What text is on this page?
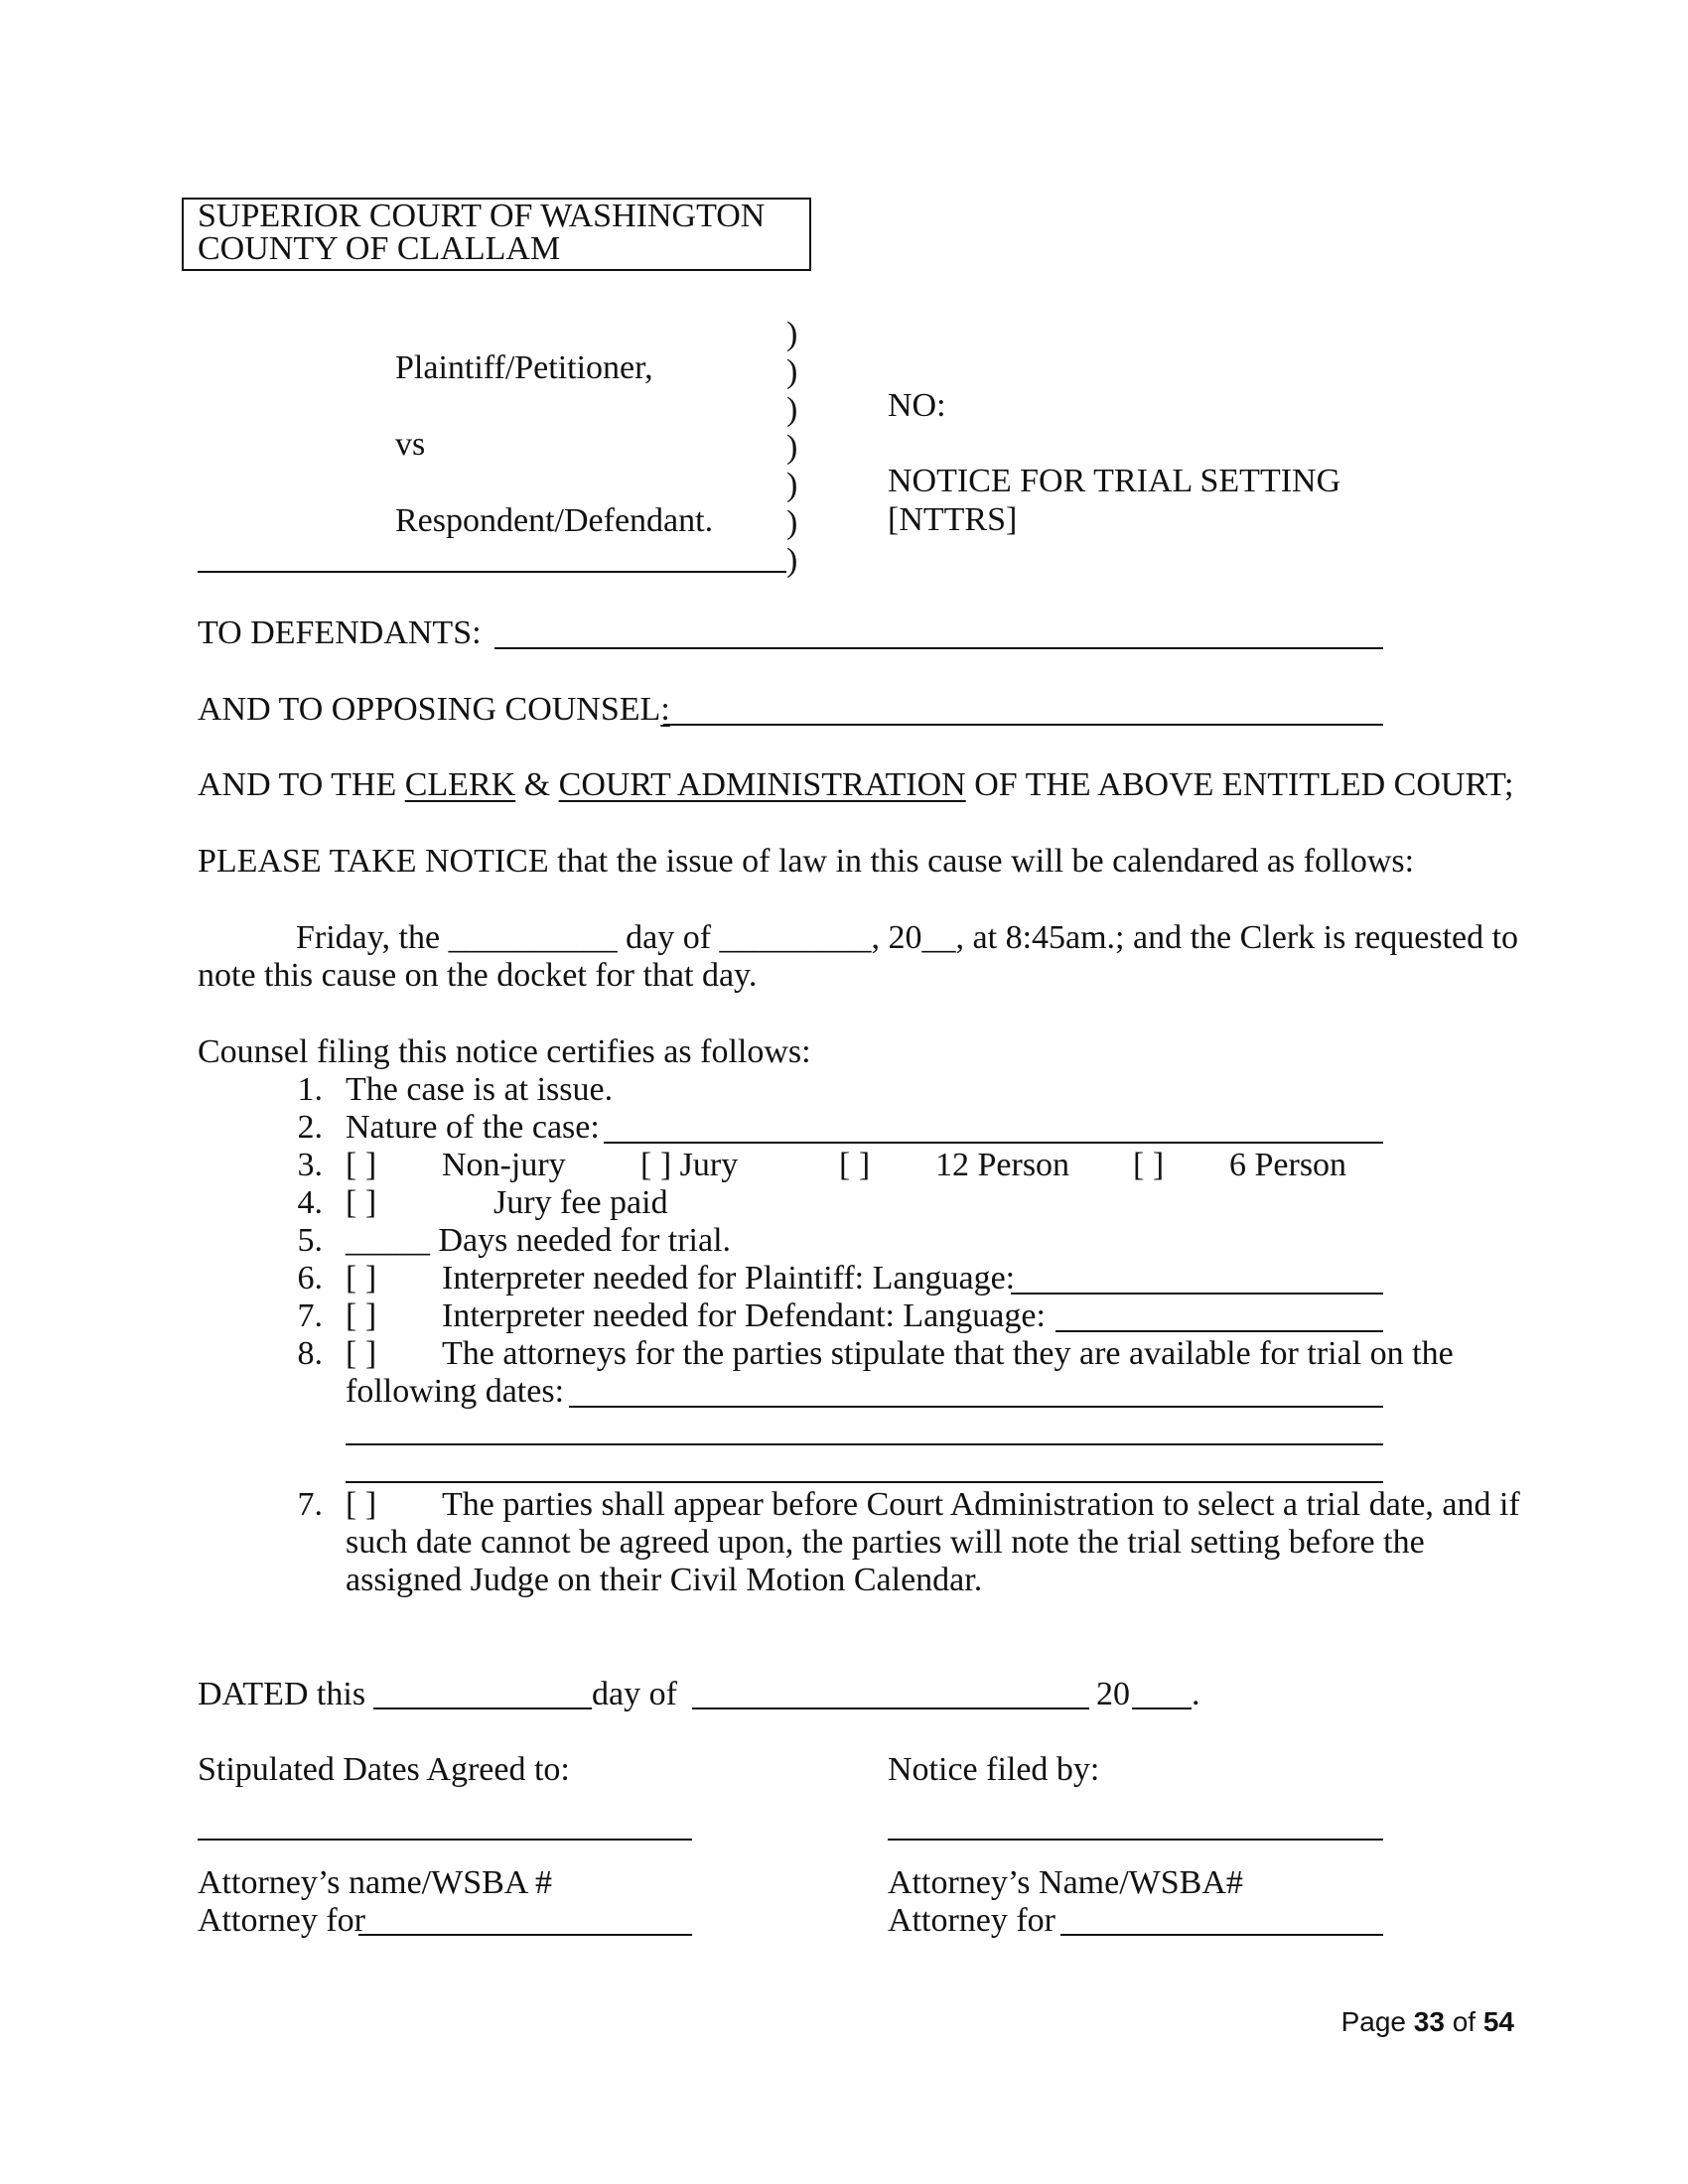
SUPERIOR COURT OF WASHINGTON
COUNTY OF CLALLAM
Plaintiff/Petitioner,
vs
Respondent/Defendant.
)
)
)
)
)
)
)
NO:
NOTICE FOR TRIAL SETTING
[NTTRS]
TO DEFENDANTS:
AND TO OPPOSING COUNSEL:
AND TO THE CLERK & COURT ADMINISTRATION OF THE ABOVE ENTITLED COURT;
PLEASE TAKE NOTICE that the issue of law in this cause will be calendared as follows:
Friday, the __________ day of _________, 20__, at 8:45am.; and the Clerk is requested to
note this cause on the docket for that day.
Counsel filing this notice certifies as follows:
1. The case is at issue.
2. Nature of the case:
3. [ ] Non-jury [ ] Jury	[ ] 12 Person [ ] 6 Person
4. [ ]	Jury fee paid
5. _____ Days needed for trial.
6. [ ] Interpreter needed for Plaintiff: Language:
7. [ ] Interpreter needed for Defendant: Language:
8. [ ] The attorneys for the parties stipulate that they are available for trial on the
following dates:
7. [ ] The parties shall appear before Court Administration to select a trial date, and if
such date cannot be agreed upon, the parties will note the trial setting before the
assigned Judge on their Civil Motion Calendar.
DATED this	day of	20 .
Stipulated Dates Agreed to:	Notice filed by:
Attorney’s name/WSBA #
Attorney for
Attorney’s Name/WSBA#
Attorney for
Page 33 of 54
